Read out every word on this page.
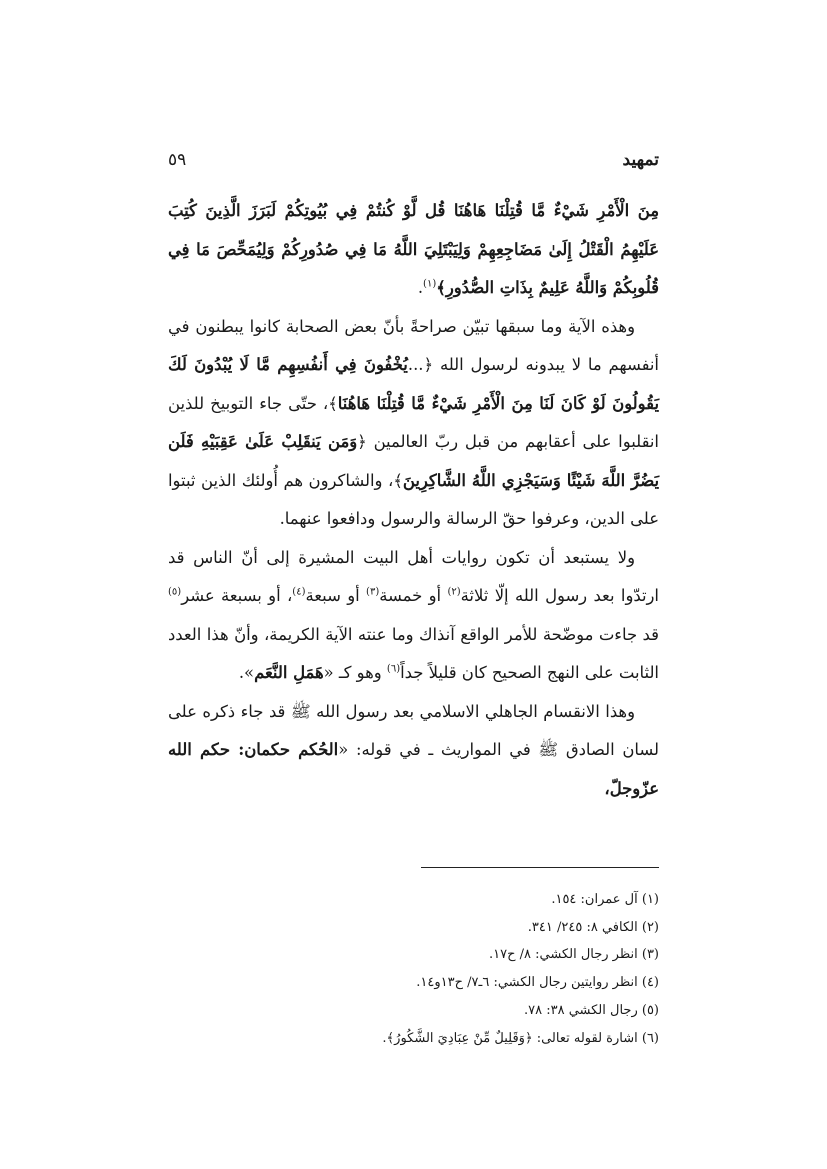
تمهيد
٥٩

مِنَ الْأَمْرِ شَيْءٌ مَّا قُتِلْنَا هَاهُنَا قُل لَّوْ كُنتُمْ فِي بُيُوتِكُمْ لَبَرَزَ الَّذِينَ كُتِبَ عَلَيْهِمُ الْقَتْلُ إِلَىٰ مَضَاجِعِهِمْ وَلِيَبْتَلِيَ اللَّهُ مَا فِي صُدُورِكُمْ وَلِيُمَحِّصَ مَا فِي قُلُوبِكُمْ وَاللَّهُ عَلِيمٌ بِذَاتِ الصُّدُورِ﴾$^{(١)}$.

وهذه الآية وما سبقها تبيّن صراحةً بأنّ بعض الصحابة كانوا يبطنون في أنفسهم ما لا يبدونه لرسول الله ﴿...يُخْفُونَ فِي أَنفُسِهِم مَّا لَا يُبْدُونَ لَكَ يَقُولُونَ لَوْ كَانَ لَنَا مِنَ الْأَمْرِ شَيْءٌ مَّا قُتِلْنَا هَاهُنَا﴾، حتّى جاء التوبيخ للذين انقلبوا على أعقابهم من قبل ربّ العالمين ﴿وَمَن يَنقَلِبْ عَلَىٰ عَقِبَيْهِ فَلَن يَضُرَّ اللَّهَ شَيْئًا وَسَيَجْزِي اللَّهُ الشَّاكِرِينَ﴾، والشاكرون هم أُولئك الذين ثبتوا على الدين، وعرفوا حقّ الرسالة والرسول ودافعوا عنهما.

ولا يستبعد أن تكون روايات أهل البيت المشيرة إلى أنّ الناس قد ارتدّوا بعد رسول الله إلّا ثلاثة$^{(٢)}$ أو خمسة$^{(٣)}$ أو سبعة$^{(٤)}$، أو بسبعة عشر$^{(٥)}$ قد جاءت موضّحة للأمر الواقع آنذاك وما عنته الآية الكريمة، وأنّ هذا العدد الثابت على النهج الصحيح كان قليلاً جداً$^{(٦)}$ وهو كـ «هَمَلِ النَّعَم».

وهذا الانقسام الجاهلي الاسلامي بعد رسول الله ﷺ قد جاء ذكره على لسان الصادق ﷺ في المواريث ـ في قوله: «الحُكم حكمان: حكم الله عزّوجلّ،

(١) آل عمران: ١٥٤.
(٢) الكافي ٨: ٢٤٥/ ٣٤١.
(٣) انظر رجال الكشي: ٨/ ح١٧.
(٤) انظر روايتين رجال الكشي: ٦ـ٧/ ح١٣و١٤.
(٥) رجال الكشي ٣٨: ٧٨.
(٦) اشارة لقوله تعالى: ﴿وَقَلِيلٌ مِّنْ عِبَادِيَ الشَّكُورُ﴾.
